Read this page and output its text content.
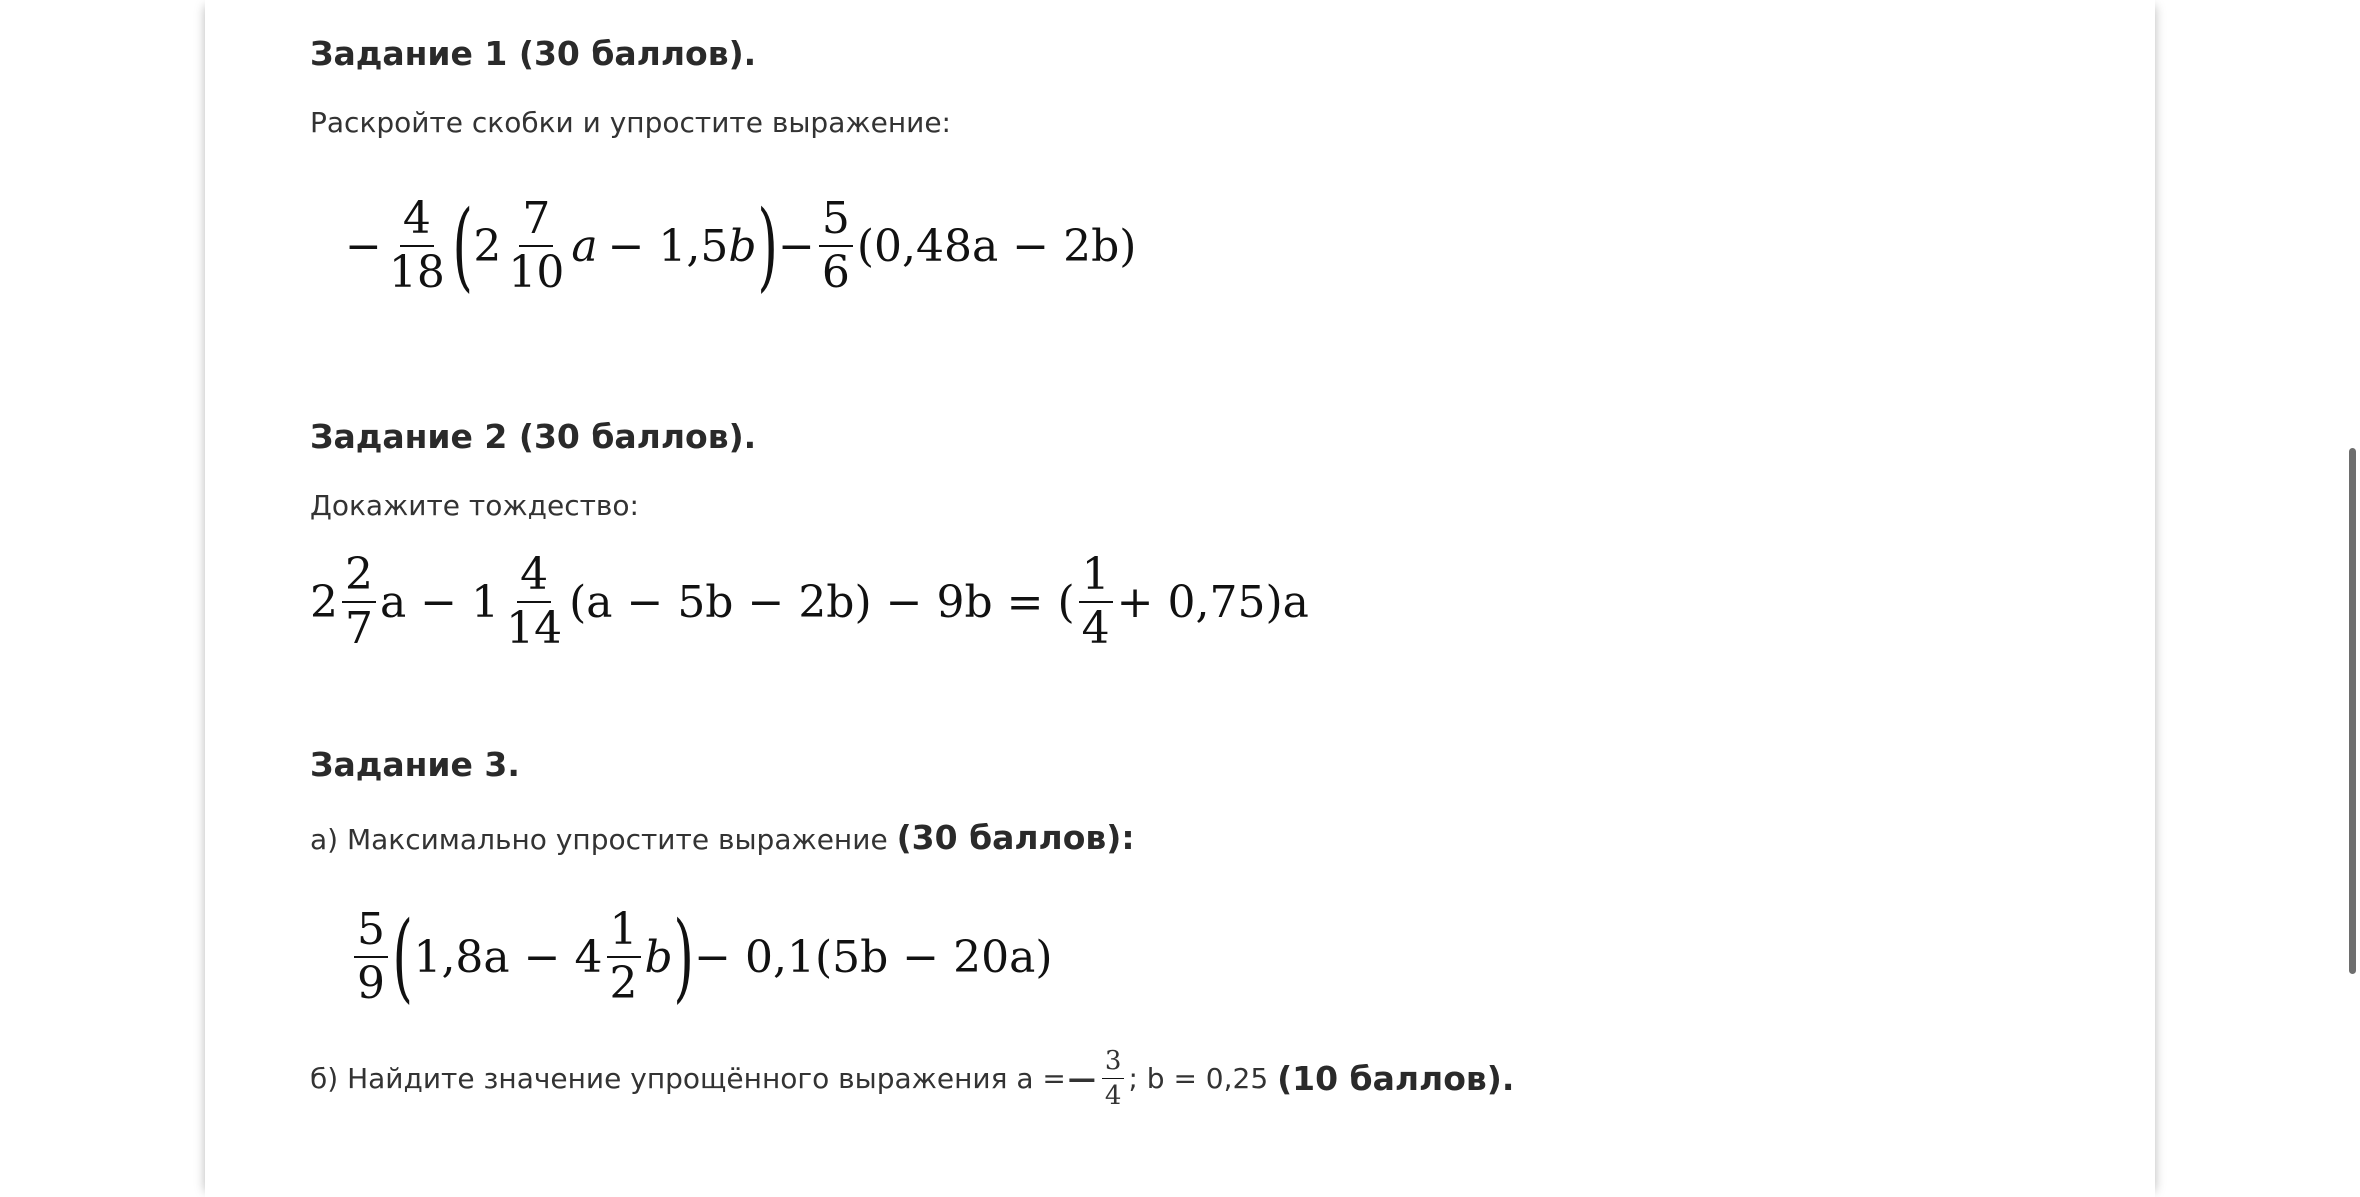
Задание 1 (30 баллов).
Раскройте скобки и упростите выражение:
− $\frac{4}{18}$ ( $2 \frac{7}{10}$ a − 1,5 b ) − $\frac{5}{6} (0,48a - 2b)$
Задание 2 (30 баллов).
Докажите тождество:
$2 \frac{2}{7}$ $a - 1 \frac{4}{14} (a - 5b - 2b) - 9b$ = ( $\frac{1}{4} + 0,75)a$
Задание 3.
а) Максимально упростите выражение (30 баллов):
$\frac{5}{9}$ ( $1,8a - 4 \frac{1}{2}$ b ) − 0,1(5b − 20a)
б) Найдите значение упрощённого выражения a = — $\frac{3}{4}$ ; b = 0,25 (10 баллов).
